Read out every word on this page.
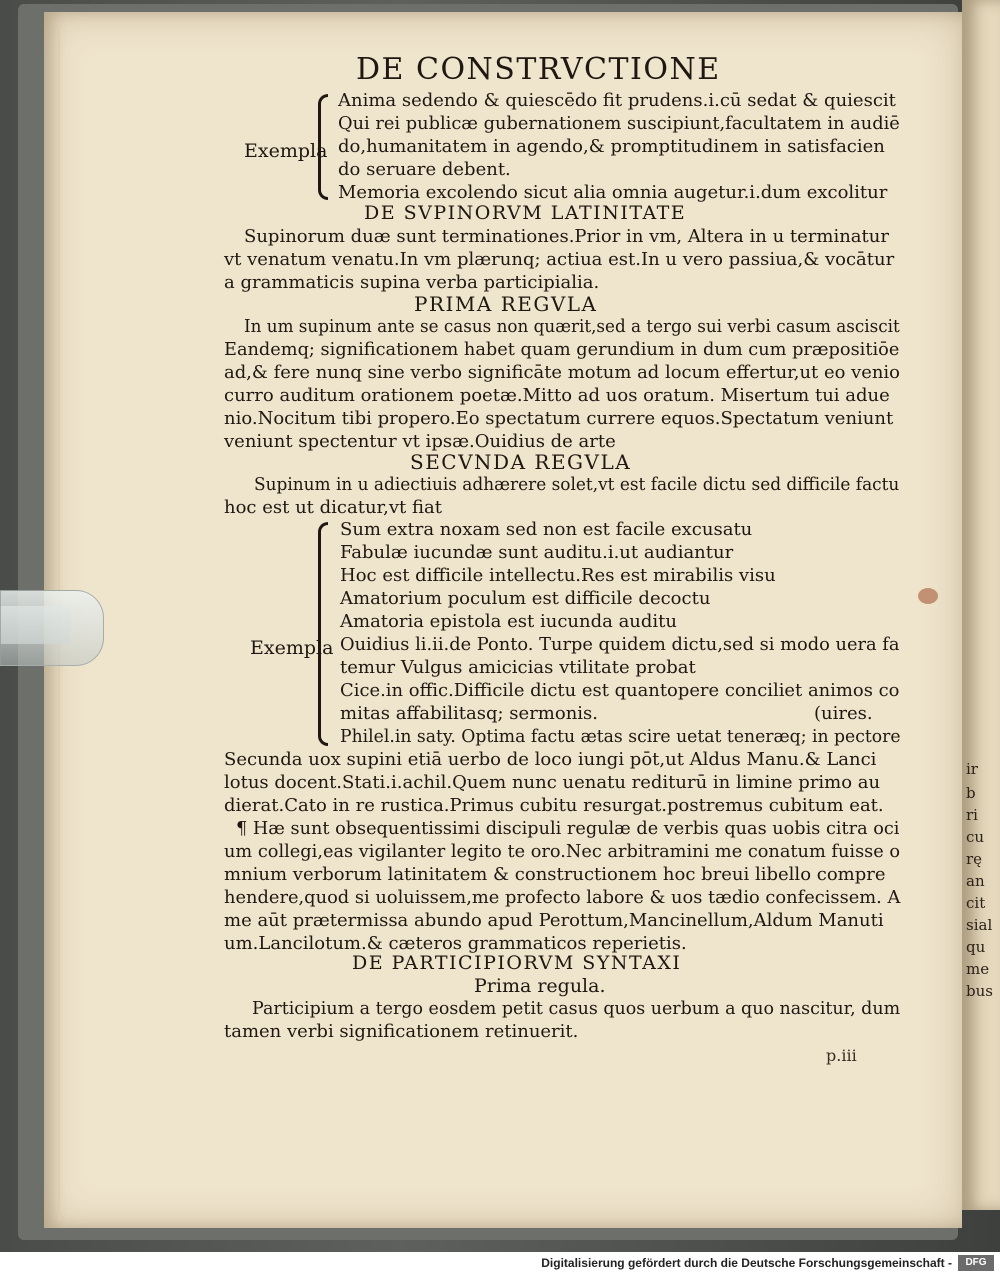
ir
b
ri
cu
rę
an
cit
sial
qu
me
bus
DE CONSTRVCTIONE
Exempla
Anima sedendo & quiescēdo fit prudens.i.cū sedat & quiescit
Qui rei publicæ gubernationem suscipiunt,facultatem in audiē
do,humanitatem in agendo,& promptitudinem in satisfacien
do seruare debent.
Memoria excolendo sicut alia omnia augetur.i.dum excolitur
DE SVPINORVM LATINITATE
Supinorum duæ sunt terminationes.Prior in vm, Altera in u terminatur
vt venatum venatu.In vm plærunq; actiua est.In u vero passiua,& vocātur
a grammaticis supina verba participialia.
PRIMA REGVLA
In um supinum ante se casus non quærit,sed a tergo sui verbi casum asciscit
Eandemq; significationem habet quam gerundium in dum cum præpositiōe
ad,& fere nunq sine verbo significāte motum ad locum effertur,ut eo venio
curro auditum orationem poetæ.Mitto ad uos oratum. Misertum tui adue
nio.Nocitum tibi propero.Eo spectatum currere equos.Spectatum veniunt
veniunt spectentur vt ipsæ.Ouidius de arte
SECVNDA REGVLA
Supinum in u adiectiuis adhærere solet,vt est facile dictu sed difficile factu
hoc est ut dicatur,vt fiat
Exempla
Sum extra noxam sed non est facile excusatu
Fabulæ iucundæ sunt auditu.i.ut audiantur
Hoc est difficile intellectu.Res est mirabilis visu
Amatorium poculum est difficile decoctu
Amatoria epistola est iucunda auditu
Ouidius li.ii.de Ponto. Turpe quidem dictu,sed si modo uera fa
temur Vulgus amicicias vtilitate probat
Cice.in offic.Difficile dictu est quantopere conciliet animos co
mitas affabilitasq; sermonis.	(uires.
Philel.in saty. Optima factu ætas scire uetat teneræq; in pectore
Secunda uox supini etiā uerbo de loco iungi pōt,ut Aldus Manu.& Lanci
lotus docent.Stati.i.achil.Quem nunc uenatu rediturū in limine primo au
dierat.Cato in re rustica.Primus cubitu resurgat.postremus cubitum eat.
¶ Hæ sunt obsequentissimi discipuli regulæ de verbis quas uobis citra oci
um collegi,eas vigilanter legito te oro.Nec arbitramini me conatum fuisse o
mnium verborum latinitatem & constructionem hoc breui libello compre
hendere,quod si uoluissem,me profecto labore & uos tædio confecissem. A
me aūt prætermissa abundo apud Perottum,Mancinellum,Aldum Manuti
um.Lancilotum.& cæteros grammaticos reperietis.
DE PARTICIPIORVM SYNTAXI
Prima regula.
Participium a tergo eosdem petit casus quos uerbum a quo nascitur, dum
tamen verbi significationem retinuerit.
p.iii
Digitalisierung gefördert durch die Deutsche Forschungsgemeinschaft -	DFG
